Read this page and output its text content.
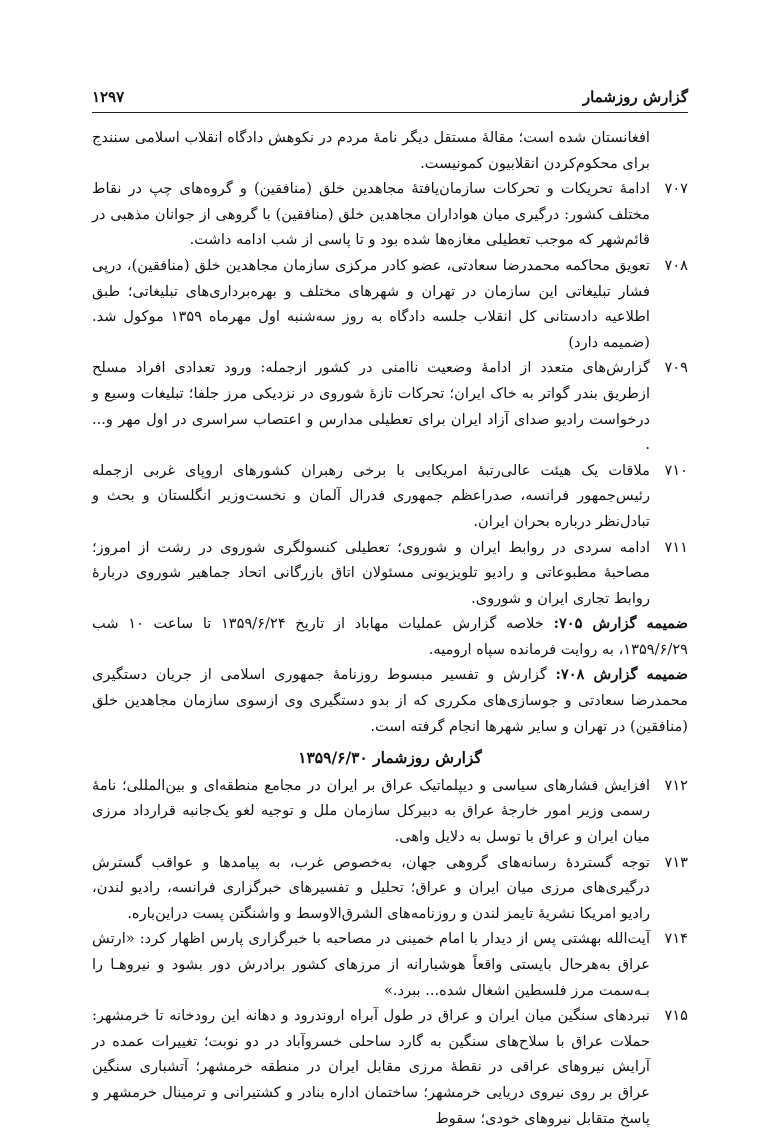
گزارش روزشمار
۱۲۹۷

افغانستان شده است؛ مقالهٔ مستقل دیگر نامهٔ مردم در نکوهش دادگاه انقلاب اسلامی سنندج برای محکوم‌کردن انقلابیون کمونیست.

۷۰۷
ادامهٔ تحریکات و تحرکات سازمان‌یافتهٔ مجاهدین خلق (منافقین) و گروه‌های چپ در نقاط مختلف کشور: درگیری میان هواداران مجاهدین خلق (منافقین) با گروهی از جوانان مذهبی در قائم‌شهر که موجب تعطیلی مغازه‌ها شده بود و تا پاسی از شب ادامه داشت.

۷۰۸
تعویق محاکمه محمدرضا سعادتی، عضو کادر مرکزی سازمان مجاهدین خلق (منافقین)، درپی فشار تبلیغاتی این سازمان در تهران و شهرهای مختلف و بهره‌برداری‌های تبلیغاتی؛ طبق اطلاعیه دادستانی کل انقلاب جلسه دادگاه به روز سه‌شنبه اول مهرماه ۱۳۵۹ موکول شد. (ضمیمه دارد)

۷۰۹
گزارش‌های متعدد از ادامهٔ وضعیت ناامنی در کشور ازجمله: ورود تعدادی افراد مسلح ازطریق بندر گواتر به خاک ایران؛ تحرکات تازهٔ شوروی در نزدیکی مرز جلفا؛ تبلیغات وسیع و درخواست رادیو صدای آزاد ایران برای تعطیلی مدارس و اعتصاب سراسری در اول مهر و... .

۷۱۰
ملاقات یک هیئت عالی‌رتبهٔ امریکایی با برخی رهبران کشورهای اروپای غربی ازجمله رئیس‌جمهور فرانسه، صدراعظم جمهوری فدرال آلمان و نخست‌وزیر انگلستان و بحث و تبادل‌نظر درباره بحران ایران.

۷۱۱
ادامه سردی در روابط ایران و شوروی؛ تعطیلی کنسولگری شوروی در رشت از امروز؛ مصاحبهٔ مطبوعاتی و رادیو تلویزیونی مسئولان اتاق بازرگانی اتحاد جماهیر شوروی دربارهٔ روابط تجاری ایران و شوروی.

ضمیمه گزارش ۷۰۵: خلاصه گزارش عملیات مهاباد از تاریخ ۱۳۵۹/۶/۲۴ تا ساعت ۱۰ شب ۱۳۵۹/۶/۲۹، به روایت فرمانده سپاه ارومیه.

ضمیمه گزارش ۷۰۸: گزارش و تفسیر مبسوط روزنامهٔ جمهوری اسلامی از جریان دستگیری محمدرضا سعادتی و جوسازی‌های مکرری که از بدو دستگیری وی ازسوی سازمان مجاهدین خلق (منافقین) در تهران و سایر شهرها انجام گرفته است.

گزارش روزشمار ۱۳۵۹/۶/۳۰

۷۱۲
افزایش فشارهای سیاسی و دیپلماتیک عراق بر ایران در مجامع منطقه‌ای و بین‌المللی؛ نامهٔ رسمی وزیر امور خارجهٔ عراق به دبیرکل سازمان ملل و توجیه لغو یک‌جانبه قرارداد مرزی میان ایران و عراق با توسل به دلایل واهی.

۷۱۳
توجه گستردهٔ رسانه‌های گروهی جهان، به‌خصوص غرب، به پیامدها و عواقب گسترش درگیری‌های مرزی میان ایران و عراق؛ تحلیل و تفسیرهای خبرگزاری فرانسه، رادیو لندن، رادیو امریکا نشریهٔ تایمز لندن و روزنامه‌های الشرق‌الاوسط و واشنگتن پست دراین‌باره.

۷۱۴
آیت‌الله بهشتی پس از دیدار با امام خمینی در مصاحبه با خبرگزاری پارس اظهار کرد: «ارتش عراق به‌هرحال بایستی واقعاً هوشیارانه از مرزهای کشور برادرش دور بشود و نیروهـا را بـه‌سمت مرز فلسطین اشغال شده... ببرد.»

۷۱۵
نبردهای سنگین میان ایران و عراق در طول آبراه اروندرود و دهانه این رودخانه تا خرمشهر: حملات عراق با سلاح‌های سنگین به گارد ساحلی خسروآباد در دو نوبت؛ تغییرات عمده در آرایش نیروهای عراقی در نقطهٔ مرزی مقابل ایران در منطقه خرمشهر؛ آتشباری سنگین عراق بر روی نیروی دریایی خرمشهر؛ ساختمان اداره بنادر و کشتیرانی و ترمینال خرمشهر و پاسخ متقابل نیروهای خودی؛ سقوط
